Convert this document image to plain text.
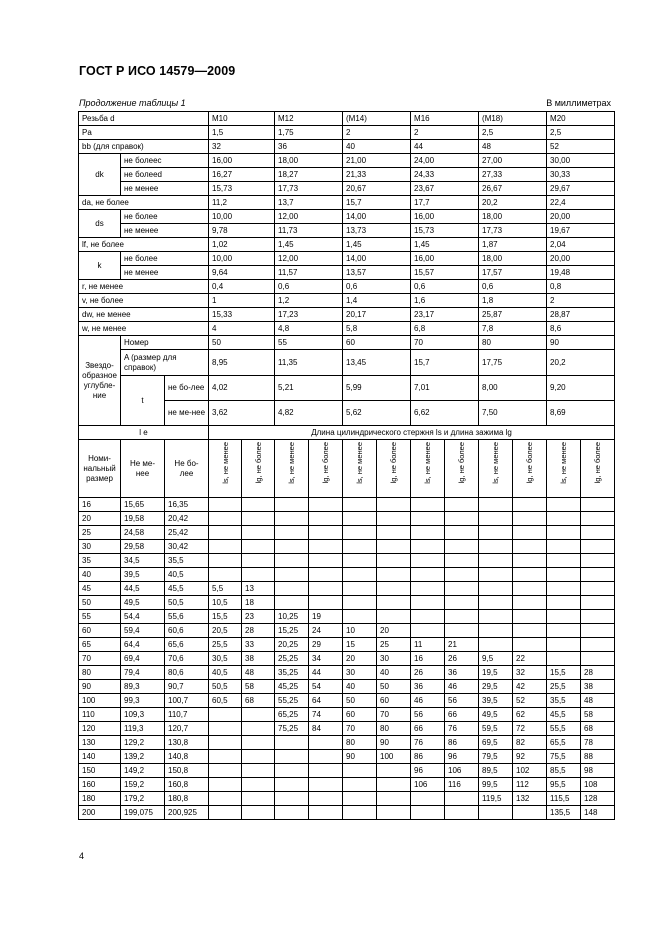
ГОСТ Р ИСО 14579—2009
Продолжение таблицы 1	В миллиметрах
Резьба d			М10		М12		(М14)		М16		(М18)		М20	
Pa			1,5		1,75		2		2		2,5		2,5	
bb (для справок)			32		36		40		44		48		52	
dk	не болееc		16,00		18,00		21,00		24,00		27,00		30,00	
	не болееd		16,27		18,27		21,33		24,33		27,33		30,33	
	не менее		15,73		17,73		20,67		23,67		26,67		29,67	
da, не более			11,2		13,7		15,7		17,7		20,2		22,4	
ds	не более		10,00		12,00		14,00		16,00		18,00		20,00	
	не менее		9,78		11,73		13,73		15,73		17,73		19,67	
lf, не более			1,02		1,45		1,45		1,45		1,87		2,04	
k	не более		10,00		12,00		14,00		16,00		18,00		20,00	
	не менее		9,64		11,57		13,57		15,57		17,57		19,48	
r, не менее			0,4		0,6		0,6		0,6		0,6		0,8	
v, не более			1		1,2		1,4		1,6		1,8		2	
dw, не менее			15,33		17,23		20,17		23,17		25,87		28,87	
w, не менее			4		4,8		5,8		6,8		7,8		8,6	
Звездо-образное углубле-ние	Номер		50		55		60		70		80		90	
	A (размер для справок)		8,95		11,35		13,45		15,7		17,75		20,2	
	t	не бо-лее	4,02		5,21		5,99		7,01		8,00		9,20	
		не ме-нее	3,62		4,82		5,62		6,62		7,50		8,69	
l e			Длина цилиндрического стержня ls и длина зажима lg											
Номи-нальный размер	Не ме-нее	Не бо-лее	ls, не менее	lg, не более	ls, не менее	lg, не более	ls, не менее	lg, не более	ls, не менее	lg, не более	ls, не менее	lg, не более	ls, не менее	lg, не более
16	15,65	16,35												
20	19,58	20,42												
25	24,58	25,42												
30	29,58	30,42												
35	34,5	35,5												
40	39,5	40,5												
45	44,5	45,5	5,5	13										
50	49,5	50,5	10,5	18										
55	54,4	55,6	15,5	23	10,25	19								
60	59,4	60,6	20,5	28	15,25	24	10	20						
65	64,4	65,6	25,5	33	20,25	29	15	25	11	21				
70	69,4	70,6	30,5	38	25,25	34	20	30	16	26	9,5	22		
80	79,4	80,6	40,5	48	35,25	44	30	40	26	36	19,5	32	15,5	28
90	89,3	90,7	50,5	58	45,25	54	40	50	36	46	29,5	42	25,5	38
100	99,3	100,7	60,5	68	55,25	64	50	60	46	56	39,5	52	35,5	48
110	109,3	110,7			65,25	74	60	70	56	66	49,5	62	45,5	58
120	119,3	120,7			75,25	84	70	80	66	76	59,5	72	55,5	68
130	129,2	130,8					80	90	76	86	69,5	82	65,5	78
140	139,2	140,8					90	100	86	96	79,5	92	75,5	88
150	149,2	150,8							96	106	89,5	102	85,5	98
160	159,2	160,8							106	116	99,5	112	95,5	108
180	179,2	180,8									119,5	132	115,5	128
200	199,075	200,925											135,5	148
4
